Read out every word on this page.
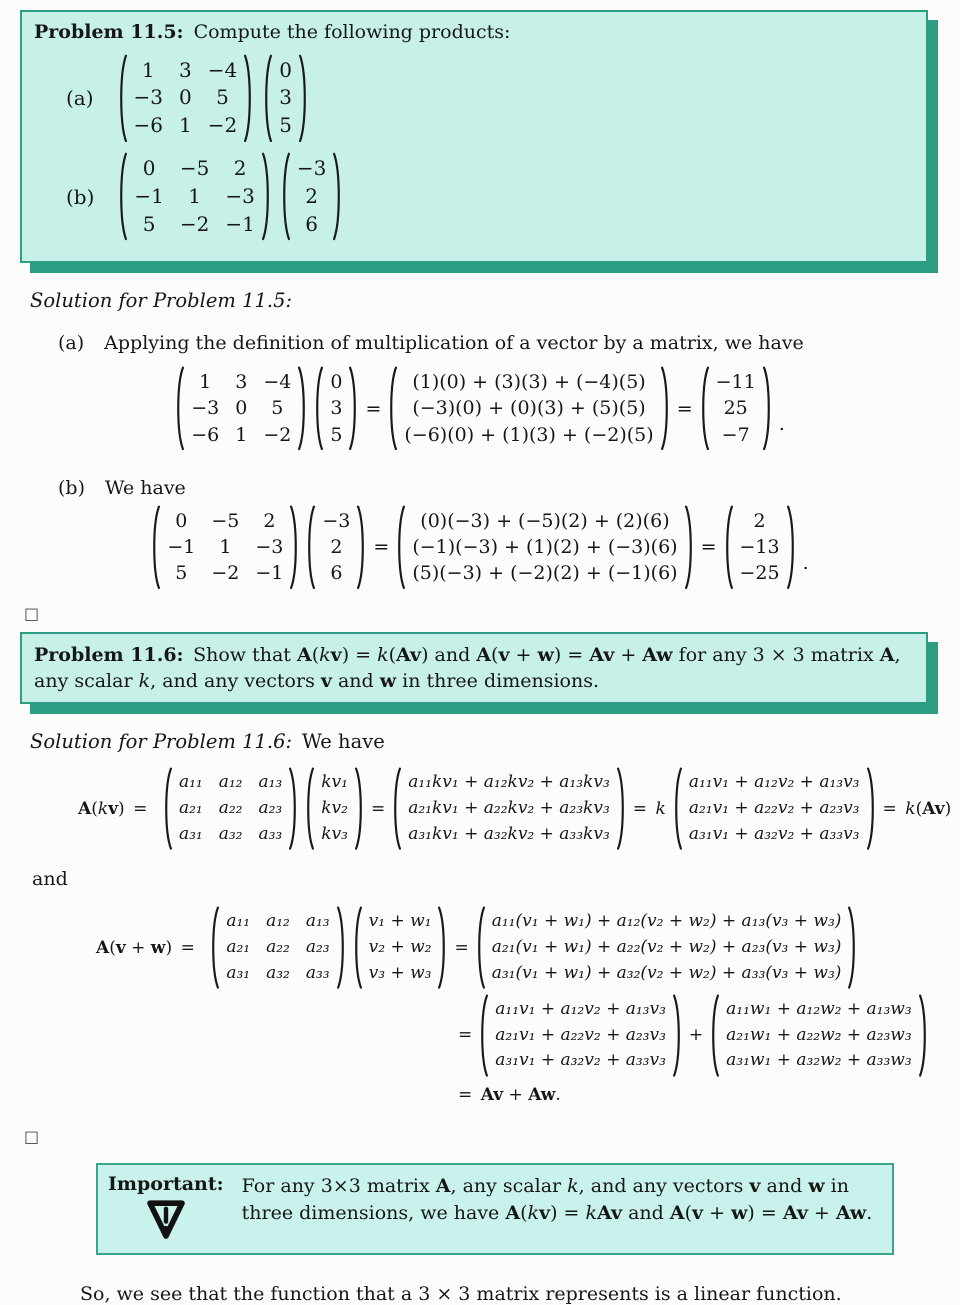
Problem 11.5: Compute the following products:
(a)
1 3 −4
−3 0 5
−6 1 −2
0
3
5
(b)
0 −5 2
−1 1 −3
5 −2 −1
−3
2
6
Solution for Problem 11.5:
(a) Applying the definition of multiplication of a vector by a matrix, we have
1 3 −4
−3 0 5
−6 1 −2
0
3
5
=
(1)(0) + (3)(3) + (−4)(5)
(−3)(0) + (0)(3) + (5)(5)
(−6)(0) + (1)(3) + (−2)(5)
=
−11
25
−7 .
(b) We have
0 −5 2
−1 1 −3
5 −2 −1
−3
2
6
=
(0)(−3) + (−5)(2) + (2)(6)
(−1)(−3) + (1)(2) + (−3)(6)
(5)(−3) + (−2)(2) + (−1)(6)
=
2
−13
−25 .
□
Problem 11.6: Show that A(kv) = k(Av) and A(v + w) = Av + Aw for any 3 × 3 matrix A, any scalar k, and any vectors v and w in three dimensions.
Solution for Problem 11.6: We have
A(kv) = 
a₁₁ a₁₂ a₁₃
a₂₁ a₂₂ a₂₃
a₃₁ a₃₂ a₃₃
kv₁
kv₂
kv₃
=
a₁₁kv₁ + a₁₂kv₂ + a₁₃kv₃
a₂₁kv₁ + a₂₂kv₂ + a₂₃kv₃
a₃₁kv₁ + a₃₂kv₂ + a₃₃kv₃
= k
a₁₁v₁ + a₁₂v₂ + a₁₃v₃
a₂₁v₁ + a₂₂v₂ + a₂₃v₃
a₃₁v₁ + a₃₂v₂ + a₃₃v₃
= k(Av)
and
A(v + w) = 
a₁₁ a₁₂ a₁₃
a₂₁ a₂₂ a₂₃
a₃₁ a₃₂ a₃₃
v₁ + w₁
v₂ + w₂
v₃ + w₃
=
a₁₁(v₁ + w₁) + a₁₂(v₂ + w₂) + a₁₃(v₃ + w₃)
a₂₁(v₁ + w₁) + a₂₂(v₂ + w₂) + a₂₃(v₃ + w₃)
a₃₁(v₁ + w₁) + a₃₂(v₂ + w₂) + a₃₃(v₃ + w₃)
=
a₁₁v₁ + a₁₂v₂ + a₁₃v₃
a₂₁v₁ + a₂₂v₂ + a₂₃v₃
a₃₁v₁ + a₃₂v₂ + a₃₃v₃
+
a₁₁w₁ + a₁₂w₂ + a₁₃w₃
a₂₁w₁ + a₂₂w₂ + a₂₃w₃
a₃₁w₁ + a₃₂w₂ + a₃₃w₃
= Av + Aw.
□
Important: For any 3×3 matrix A, any scalar k, and any vectors v and w in three dimensions, we have A(kv) = kAv and A(v + w) = Av + Aw.
So, we see that the function that a 3 × 3 matrix represents is a linear function.
